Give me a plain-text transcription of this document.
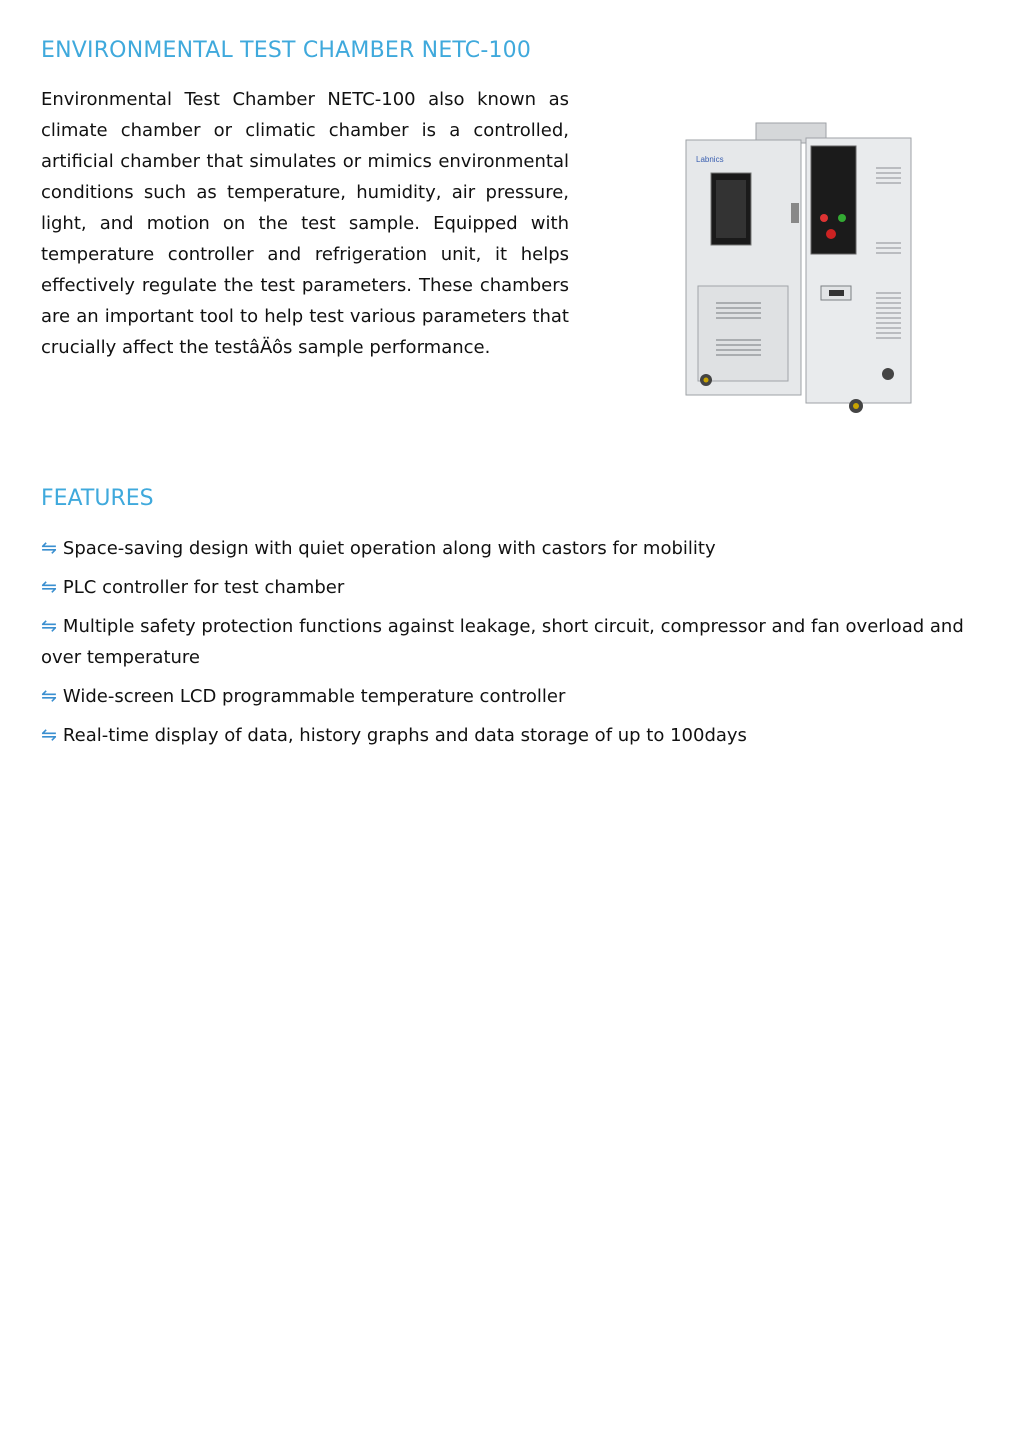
ENVIRONMENTAL TEST CHAMBER NETC-100

Environmental Test Chamber NETC-100 also known as climate chamber or climatic chamber is a controlled, artificial chamber that simulates or mimics environmental conditions such as temperature, humidity, air pressure, light, and motion on the test sample. Equipped with temperature controller and refrigeration unit, it helps effectively regulate the test parameters. These chambers are an important tool to help test various parameters that crucially affect the testâÄôs sample performance.

Labnics
FEATURES
⇋ Space-saving design with quiet operation along with castors for mobility
⇋ PLC controller for test chamber
⇋ Multiple safety protection functions against leakage, short circuit, compressor and fan overload and over temperature
⇋ Wide-screen LCD programmable temperature controller
⇋ Real-time display of data, history graphs and data storage of up to 100days
